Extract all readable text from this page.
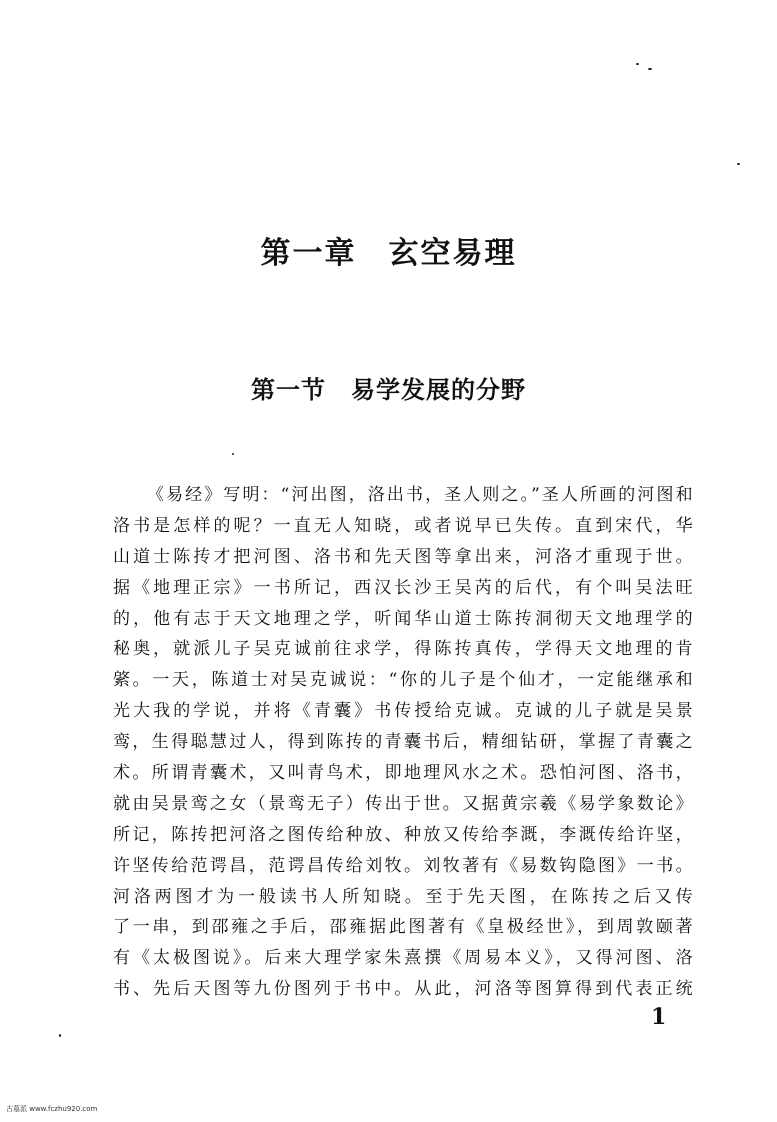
第一章　玄空易理
第一节　易学发展的分野
《易经》写明：“河出图，洛出书，圣人则之。”圣人所画的河图和
洛书是怎样的呢？一直无人知晓，或者说早已失传。直到宋代，华
山道士陈抟才把河图、洛书和先天图等拿出来，河洛才重现于世。
据《地理正宗》一书所记，西汉长沙王吴芮的后代，有个叫吴法旺
的，他有志于天文地理之学，听闻华山道士陈抟洞彻天文地理学的
秘奥，就派儿子吴克诚前往求学，得陈抟真传，学得天文地理的肯
綮。一天，陈道士对吴克诚说：“你的儿子是个仙才，一定能继承和
光大我的学说，并将《青囊》书传授给克诚。克诚的儿子就是吴景
鸾，生得聪慧过人，得到陈抟的青囊书后，精细钻研，掌握了青囊之
术。所谓青囊术，又叫青鸟术，即地理风水之术。恐怕河图、洛书，
就由吴景鸾之女（景鸾无子）传出于世。又据黄宗羲《易学象数论》
所记，陈抟把河洛之图传给种放、种放又传给李溉，李溉传给许坚，
许坚传给范谔昌，范谔昌传给刘牧。刘牧著有《易数钩隐图》一书。
河洛两图才为一般读书人所知晓。至于先天图，在陈抟之后又传
了一串，到邵雍之手后，邵雍据此图著有《皇极经世》，到周敦颐著
有《太极图说》。后来大理学家朱熹撰《周易本义》，又得河图、洛
书、先后天图等九份图列于书中。从此，河洛等图算得到代表正统
1
古墓派 www.fczhu920.com
